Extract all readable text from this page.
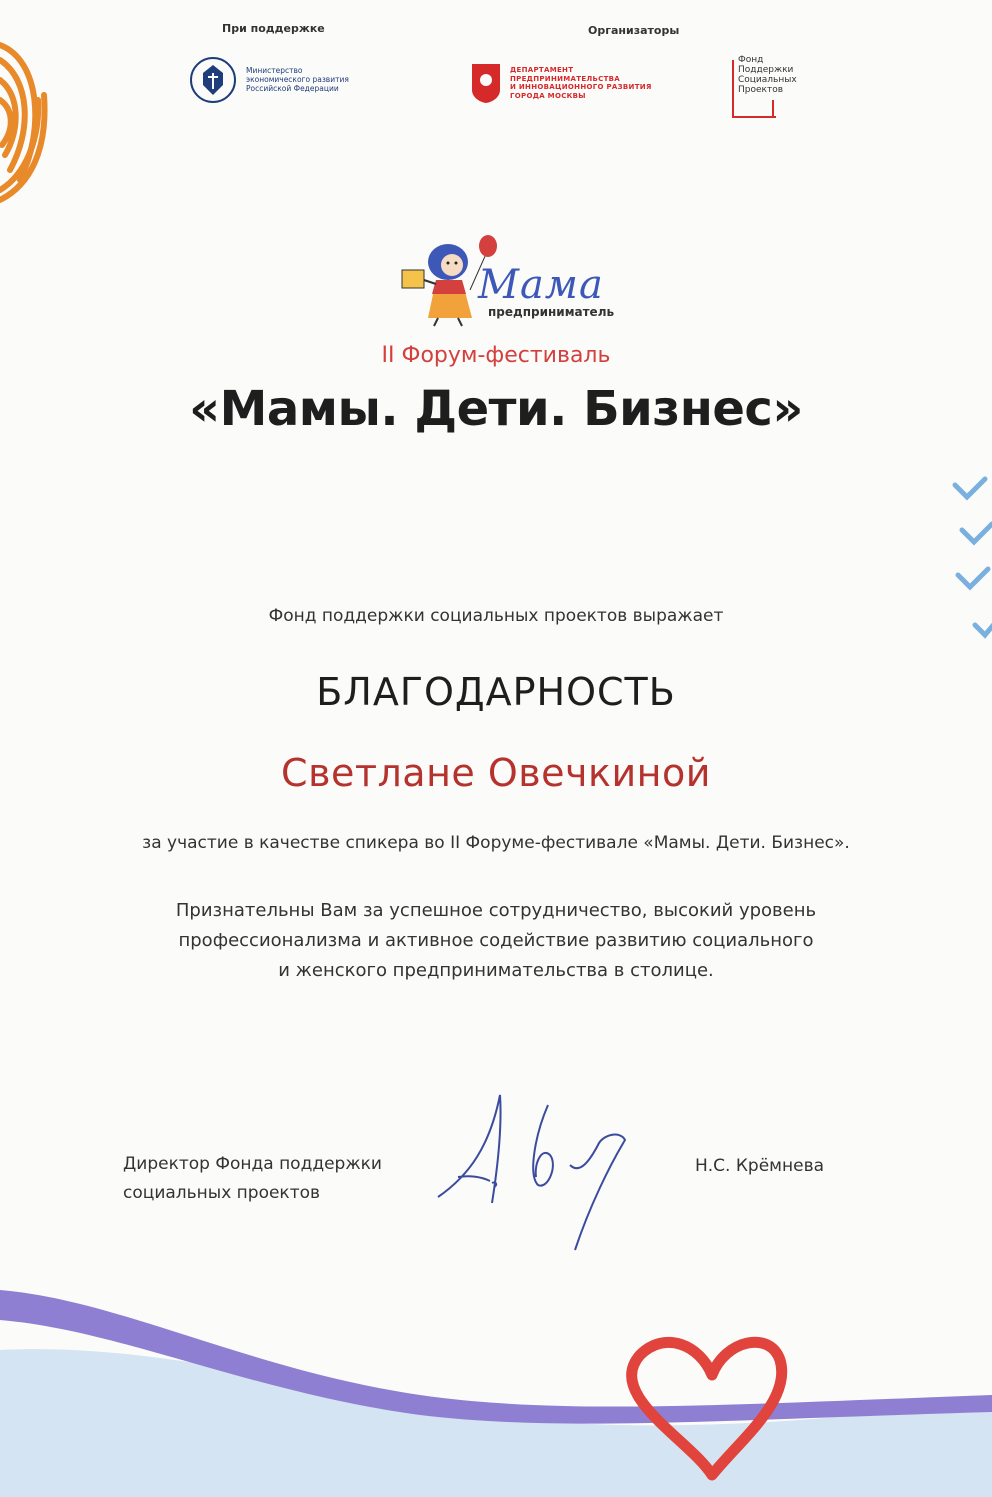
При поддержке	Организаторы
Министерство
экономического развития
Российской Федерации
ДЕПАРТАМЕНТ
ПРЕДПРИНИМАТЕЛЬСТВА
И ИННОВАЦИОННОГО РАЗВИТИЯ
ГОРОДА МОСКВЫ
Фонд
Поддержки
Социальных
Проектов
Мама
предприниматель
II Форум-фестиваль
«Мамы. Дети. Бизнес»
Фонд поддержки социальных проектов выражает
БЛАГОДАРНОСТЬ
Светлане Овечкиной
за участие в качестве спикера во II Форуме-фестивале «Мамы. Дети. Бизнес».
Признательны Вам за успешное сотрудничество, высокий уровень
профессионализма и активное содействие развитию социального
и женского предпринимательства в столице.
Директор Фонда поддержки
социальных проектов
Н.С. Крёмнева
